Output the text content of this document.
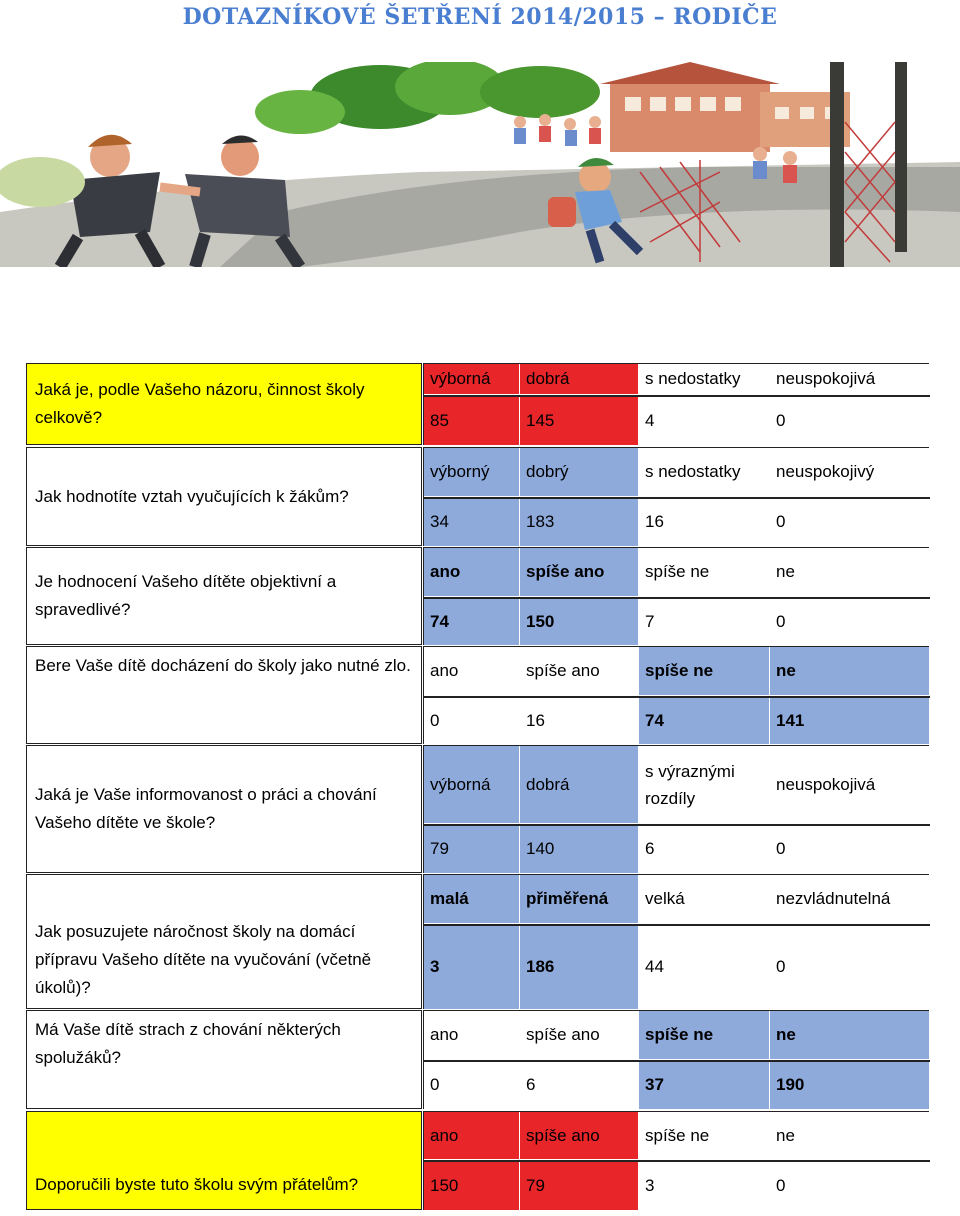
DOTAZNÍKOVÉ ŠETŘENÍ 2014/2015 – RODIČE
Jaká je, podle Vašeho názoru, činnost školy celkově?
výborná
85
dobrá
145
s nedostatky
4
neuspokojivá
0
Jak hodnotíte vztah vyučujících k žákům?
výborný
34
dobrý
183
s nedostatky
16
neuspokojivý
0
Je hodnocení Vašeho dítěte objektivní a spravedlivé?
ano
74
spíše ano
150
spíše ne
7
ne
0
Bere Vaše dítě docházení do školy jako nutné zlo.	ano
0
spíše ano
16
spíše ne
74
ne
141
Jaká je Vaše informovanost o práci a chování Vašeho dítěte ve škole?
výborná
79
dobrá
140
s výraznými rozdíly
6
neuspokojivá
0
Jak posuzujete náročnost školy na domácí přípravu Vašeho dítěte na vyučování (včetně úkolů)?
malá
3
přiměřená
186
velká
44
nezvládnutelná
0
Má Vaše dítě strach z chování některých spolužáků?
ano
0
spíše ano
6
spíše ne
37
ne
190
Doporučili byste tuto školu svým přátelům?
ano
150
spíše ano
79
spíše ne
3
ne
0
